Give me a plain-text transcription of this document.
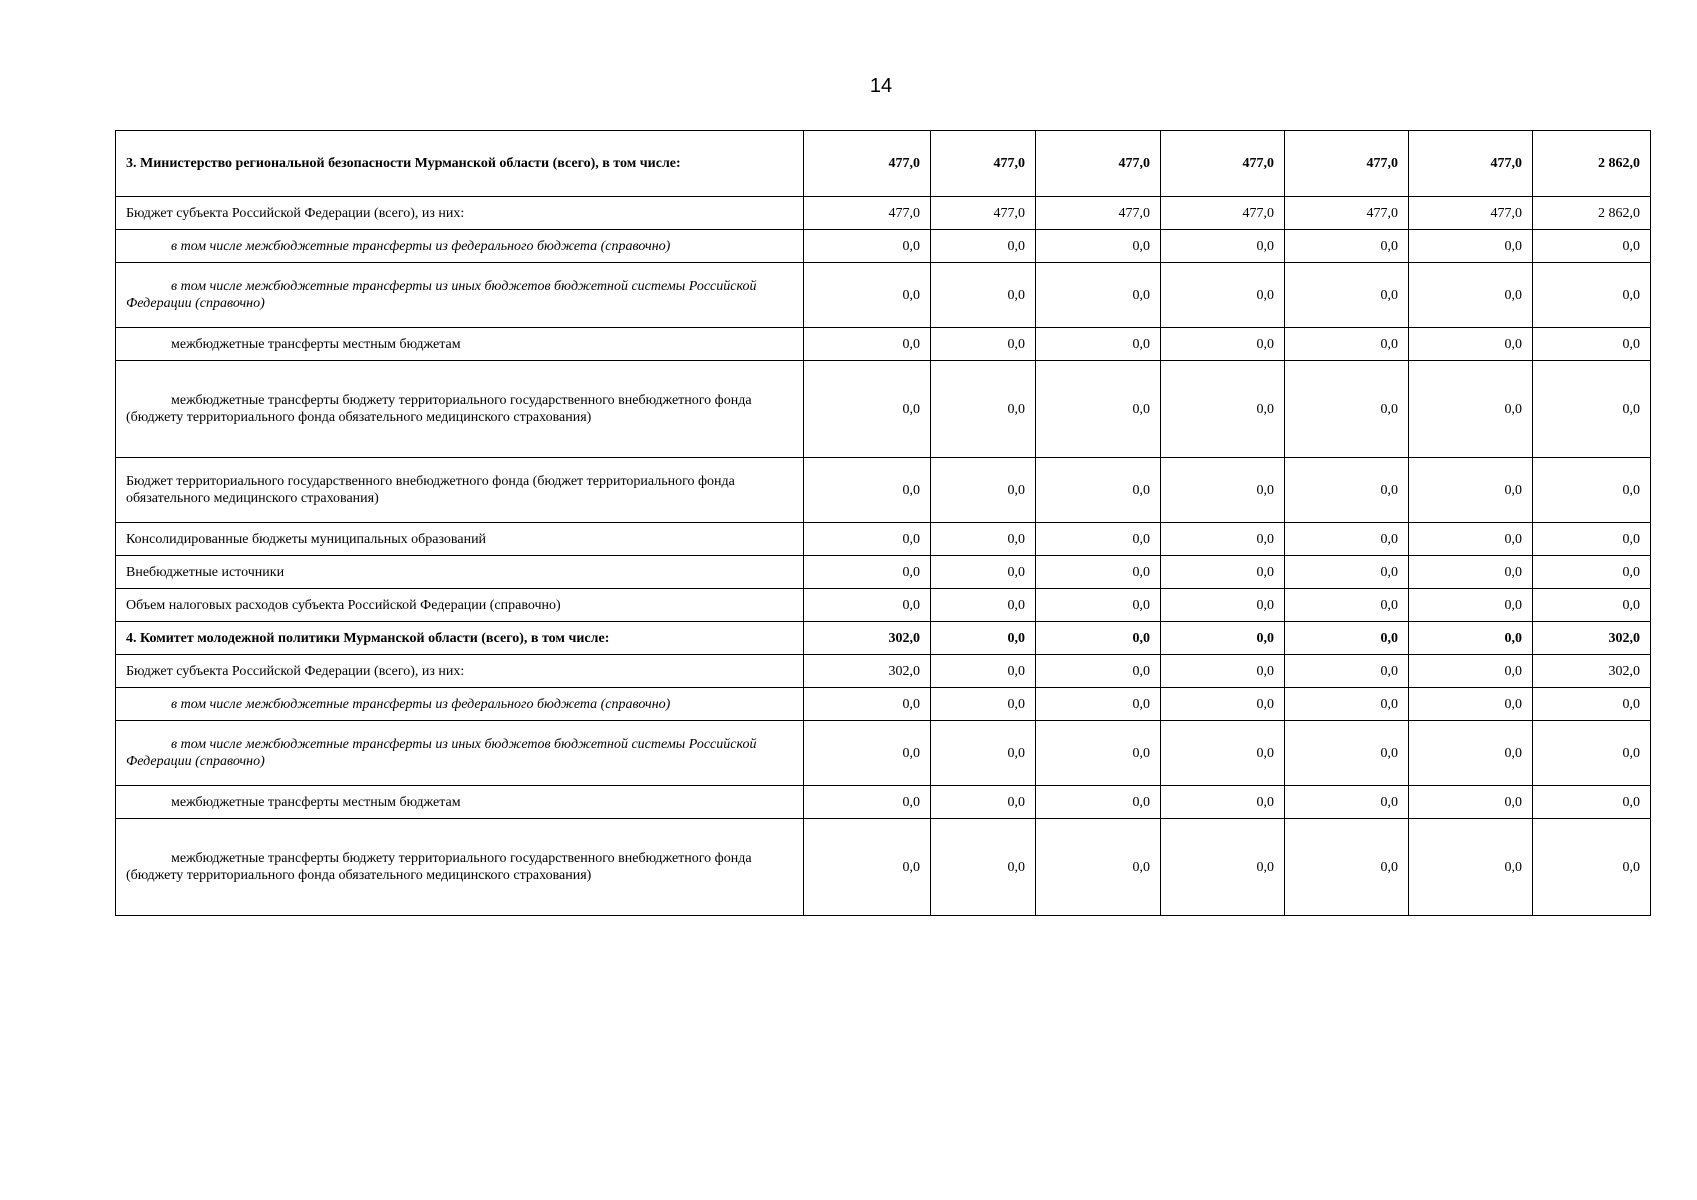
14
3. Министерство региональной безопасности Мурманской области (всего), в том числе:	477,0	477,0	477,0	477,0	477,0	477,0	2 862,0
Бюджет субъекта Российской Федерации (всего), из них:	477,0	477,0	477,0	477,0	477,0	477,0	2 862,0
в том числе межбюджетные трансферты из федерального бюджета (справочно)	0,0	0,0	0,0	0,0	0,0	0,0	0,0
в том числе межбюджетные трансферты из иных бюджетов бюджетной системы Российской Федерации (справочно)	0,0	0,0	0,0	0,0	0,0	0,0	0,0
межбюджетные трансферты местным бюджетам	0,0	0,0	0,0	0,0	0,0	0,0	0,0
межбюджетные трансферты бюджету территориального государственного внебюджетного фонда (бюджету территориального фонда обязательного медицинского страхования)	0,0	0,0	0,0	0,0	0,0	0,0	0,0
Бюджет территориального государственного внебюджетного фонда (бюджет территориального фонда обязательного медицинского страхования)	0,0	0,0	0,0	0,0	0,0	0,0	0,0
Консолидированные бюджеты муниципальных образований	0,0	0,0	0,0	0,0	0,0	0,0	0,0
Внебюджетные источники	0,0	0,0	0,0	0,0	0,0	0,0	0,0
Объем налоговых расходов субъекта Российской Федерации (справочно)	0,0	0,0	0,0	0,0	0,0	0,0	0,0
4. Комитет молодежной политики Мурманской области (всего), в том числе:	302,0	0,0	0,0	0,0	0,0	0,0	302,0
Бюджет субъекта Российской Федерации (всего), из них:	302,0	0,0	0,0	0,0	0,0	0,0	302,0
в том числе межбюджетные трансферты из федерального бюджета (справочно)	0,0	0,0	0,0	0,0	0,0	0,0	0,0
в том числе межбюджетные трансферты из иных бюджетов бюджетной системы Российской Федерации (справочно)	0,0	0,0	0,0	0,0	0,0	0,0	0,0
межбюджетные трансферты местным бюджетам	0,0	0,0	0,0	0,0	0,0	0,0	0,0
межбюджетные трансферты бюджету территориального государственного внебюджетного фонда (бюджету территориального фонда обязательного медицинского страхования)	0,0	0,0	0,0	0,0	0,0	0,0	0,0
